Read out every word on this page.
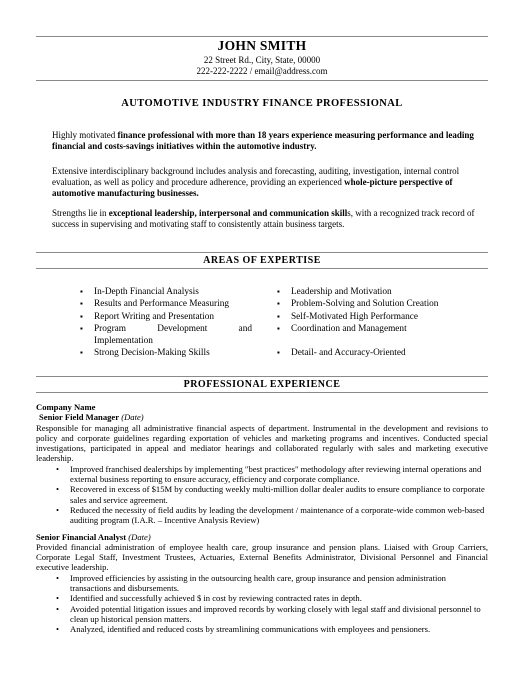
JOHN SMITH
22 Street Rd., City, State, 00000
222-222-2222 / email@address.com
AUTOMOTIVE INDUSTRY FINANCE PROFESSIONAL
Highly motivated finance professional with more than 18 years experience measuring performance and leading financial and costs-savings initiatives within the automotive industry.
Extensive interdisciplinary background includes analysis and forecasting, auditing, investigation, internal control evaluation, as well as policy and procedure adherence, providing an experienced whole-picture perspective of automotive manufacturing businesses.
Strengths lie in exceptional leadership, interpersonal and communication skills, with a recognized track record of success in supervising and motivating staff to consistently attain business targets.
AREAS OF EXPERTISE
▪ In-Depth Financial Analysis
▪ Results and Performance Measuring
▪ Report Writing and Presentation
▪ Program Development and Implementation
▪ Strong Decision-Making Skills
▪ Leadership and Motivation
▪ Problem-Solving and Solution Creation
▪ Self-Motivated High Performance
▪ Coordination and Management
▪ Detail- and Accuracy-Oriented
PROFESSIONAL EXPERIENCE
Company Name
Senior Field Manager (Date)
Responsible for managing all administrative financial aspects of department. Instrumental in the development and revisions to policy and corporate guidelines regarding exportation of vehicles and marketing programs and incentives. Conducted special investigations, participated in appeal and mediator hearings and collaborated regularly with sales and marketing executive leadership.
• Improved franchised dealerships by implementing "best practices" methodology after reviewing internal operations and external business reporting to ensure accuracy, efficiency and corporate compliance.
• Recovered in excess of $15M by conducting weekly multi-million dollar dealer audits to ensure compliance to corporate sales and service agreement.
• Reduced the necessity of field audits by leading the development / maintenance of a corporate-wide common web-based auditing program (I.A.R. – Incentive Analysis Review)
Senior Financial Analyst (Date)
Provided financial administration of employee health care, group insurance and pension plans. Liaised with Group Carriers, Corporate Legal Staff, Investment Trustees, Actuaries, External Benefits Administrator, Divisional Personnel and Financial executive leadership.
• Improved efficiencies by assisting in the outsourcing health care, group insurance and pension administration transactions and disbursements.
• Identified and successfully achieved $ in cost by reviewing contracted rates in depth.
• Avoided potential litigation issues and improved records by working closely with legal staff and divisional personnel to clean up historical pension matters.
• Analyzed, identified and reduced costs by streamlining communications with employees and pensioners.
